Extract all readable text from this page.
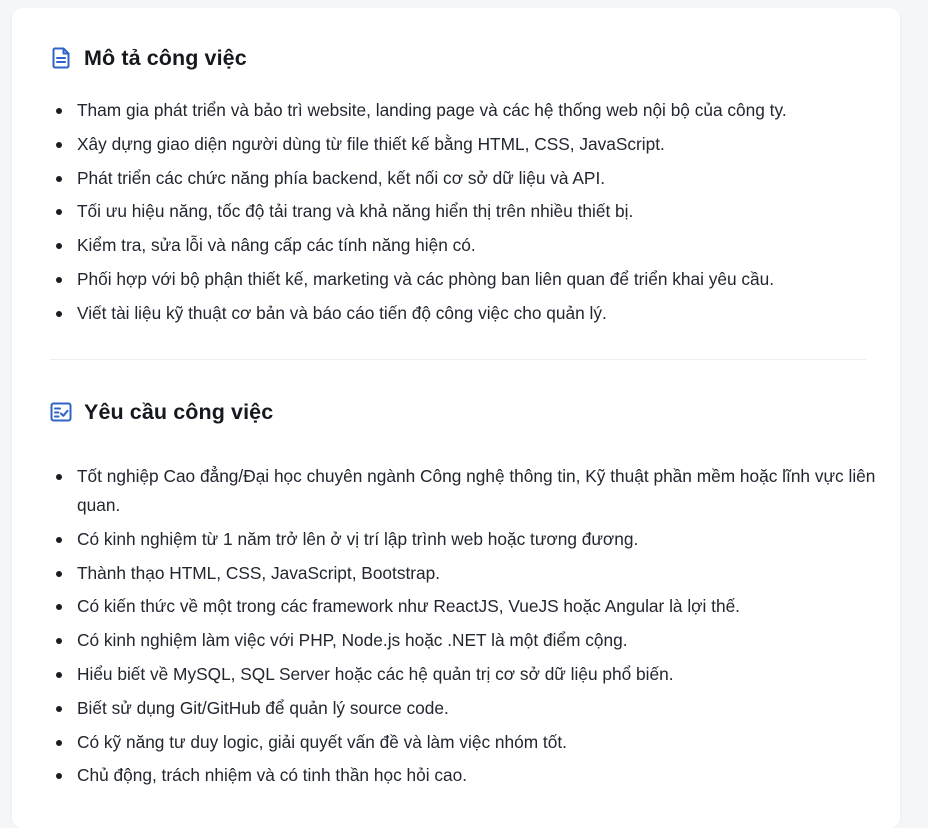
Mô tả công việc
Tham gia phát triển và bảo trì website, landing page và các hệ thống web nội bộ của công ty.
Xây dựng giao diện người dùng từ file thiết kế bằng HTML, CSS, JavaScript.
Phát triển các chức năng phía backend, kết nối cơ sở dữ liệu và API.
Tối ưu hiệu năng, tốc độ tải trang và khả năng hiển thị trên nhiều thiết bị.
Kiểm tra, sửa lỗi và nâng cấp các tính năng hiện có.
Phối hợp với bộ phận thiết kế, marketing và các phòng ban liên quan để triển khai yêu cầu.
Viết tài liệu kỹ thuật cơ bản và báo cáo tiến độ công việc cho quản lý.
Yêu cầu công việc
Tốt nghiệp Cao đẳng/Đại học chuyên ngành Công nghệ thông tin, Kỹ thuật phần mềm hoặc lĩnh vực liên quan.
Có kinh nghiệm từ 1 năm trở lên ở vị trí lập trình web hoặc tương đương.
Thành thạo HTML, CSS, JavaScript, Bootstrap.
Có kiến thức về một trong các framework như ReactJS, VueJS hoặc Angular là lợi thế.
Có kinh nghiệm làm việc với PHP, Node.js hoặc .NET là một điểm cộng.
Hiểu biết về MySQL, SQL Server hoặc các hệ quản trị cơ sở dữ liệu phổ biến.
Biết sử dụng Git/GitHub để quản lý source code.
Có kỹ năng tư duy logic, giải quyết vấn đề và làm việc nhóm tốt.
Chủ động, trách nhiệm và có tinh thần học hỏi cao.
